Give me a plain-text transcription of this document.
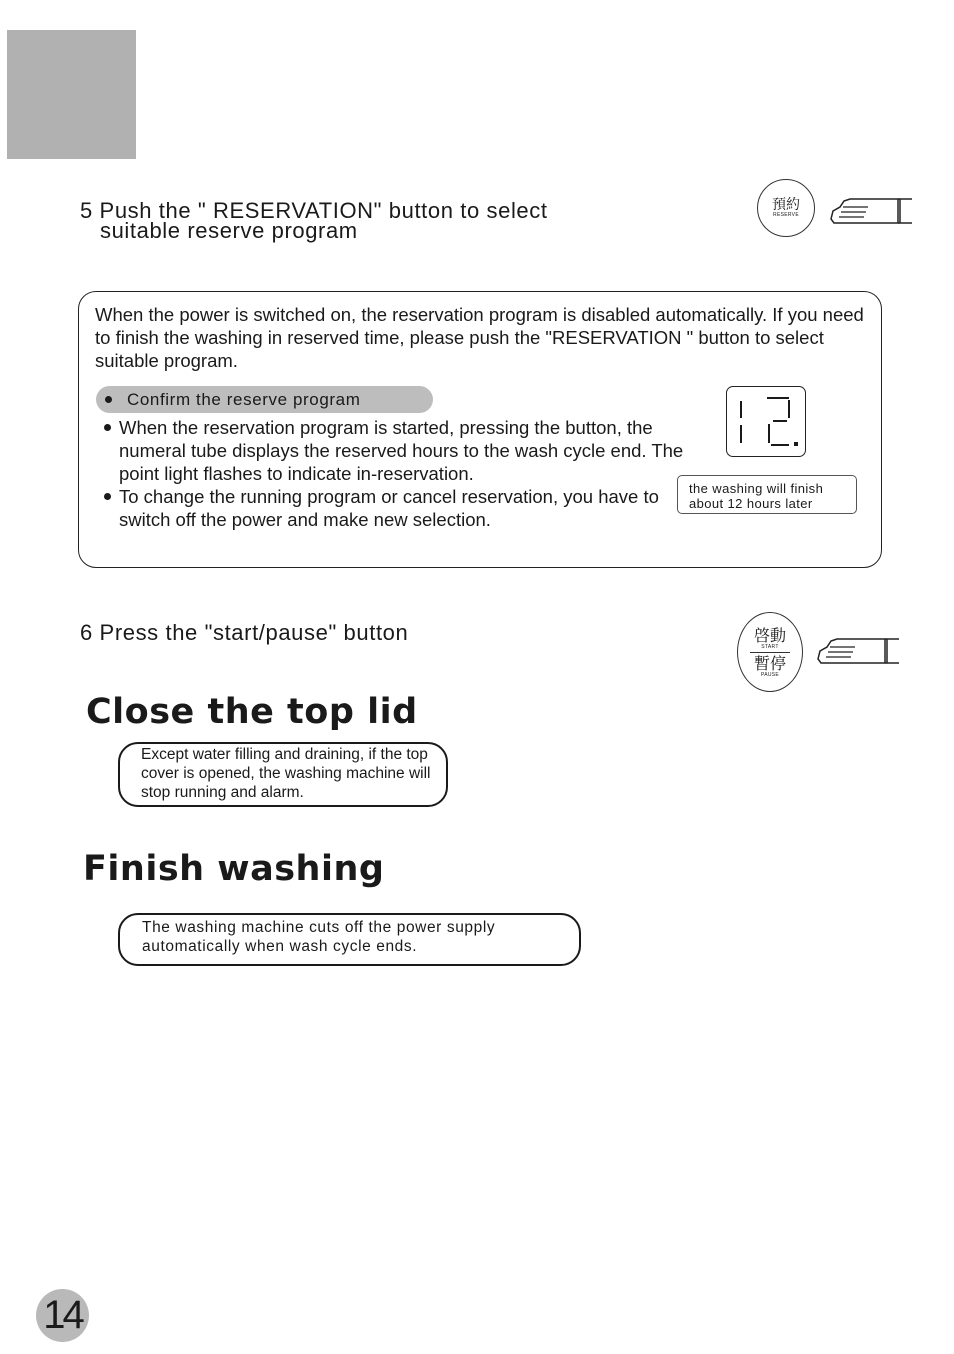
5 Push the " RESERVATION" button to select
suitable reserve program
預約
RESERVE
When the power is switched on, the reservation program is disabled automatically. If you need to finish the washing in reserved time, please push the "RESERVATION " button to select suitable program.
Confirm the reserve program
When the reservation program is started, pressing the button, the numeral tube displays the reserved hours to the wash cycle end. The point light flashes to indicate in-reservation.
To change the running program or cancel reservation, you have to switch off the power and make new selection.
the washing will finish
about 12 hours later
6 Press the "start/pause" button	啓動
START
暫停
PAUSE
Close the top lid
Except water filling and draining, if the top cover is opened, the washing machine will stop running and alarm.
Finish washing
The washing machine cuts off the power supply automatically when wash cycle ends.
14
